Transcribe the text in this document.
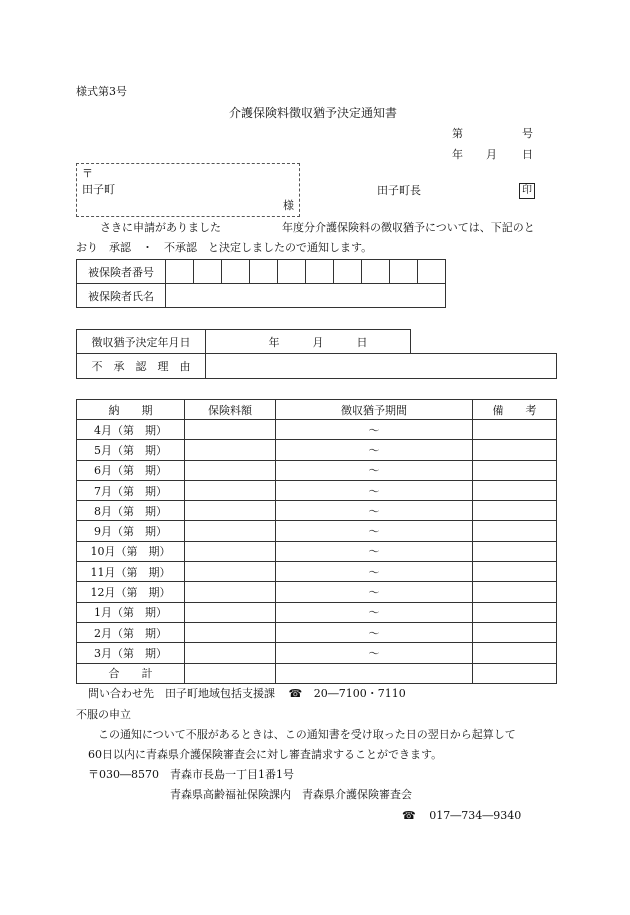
様式第3号
介護保険料徴収猶予決定通知書
第	号
年 月 日
〒
田子町
様
田子町長	印
さきに申請がありました	年度分介護保険料の徴収猶予については、下記のと
おり　承認　・　不承認　と決定しましたので通知します。
被保険者番号										
被保険者氏名										
徴収猶予決定年月日	年　　　月　　　日	
不　承　認　理　由		
納　　期	保険料額	徴収猶予期間	備　　考
4月（第　期）		～	
5月（第　期）		～	
6月（第　期）		～	
7月（第　期）		～	
8月（第　期）		～	
9月（第　期）		～	
10月（第　期）		～	
11月（第　期）		～	
12月（第　期）		～	
1月（第　期）		～	
2月（第　期）		～	
3月（第　期）		～	
合　　計			
問い合わせ先　田子町地域包括支援課 ☎ 20―7100・7110
不服の申立
この通知について不服があるときは、この通知書を受け取った日の翌日から起算して
60日以内に青森県介護保険審査会に対し審査請求することができます。
〒030―8570　青森市長島一丁目1番1号
青森県高齢福祉保険課内　青森県介護保険審査会
☎ 017―734―9340
